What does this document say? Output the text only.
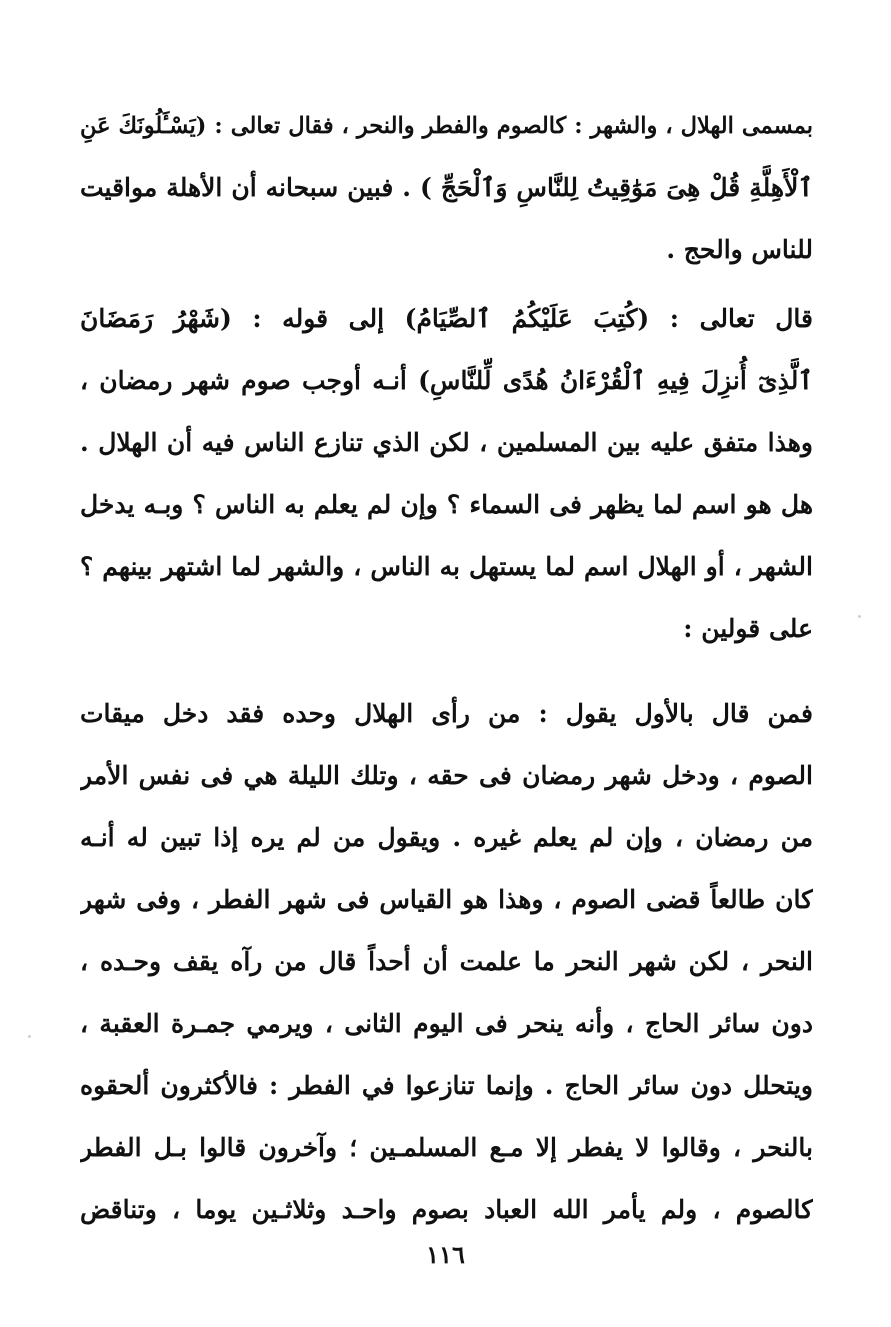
بمسمى الهلال ، والشهر : كالصوم والفطر والنحر ، فقال تعالى : (يَسْـَٔلُونَكَ عَنِ
ٱلْأَهِلَّةِ قُلْ هِىَ مَوَٰقِيتُ لِلنَّاسِ وَٱلْحَجِّ ) . فبين سبحانه أن الأهلة مواقيت
للناس والحج .
قال تعالى : (كُتِبَ عَلَيْكُمُ ٱلصِّيَامُ) إلى قوله : (شَهْرُ رَمَضَانَ
ٱلَّذِىٓ أُنزِلَ فِيهِ ٱلْقُرْءَانُ هُدًى لِّلنَّاسِ) أنـه أوجب صوم شهر رمضان ،
وهذا متفق عليه بين المسلمين ، لكن الذي تنازع الناس فيه أن الهلال .
هل هو اسم لما يظهر فى السماء ؟ وإن لم يعلم به الناس ؟ وبـه يدخل
الشهر ، أو الهلال اسم لما يستهل به الناس ، والشهر لما اشتهر بينهم ؟
على قولين :
فمن قال بالأول يقول : من رأى الهلال وحده فقد دخل ميقات
الصوم ، ودخل شهر رمضان فى حقه ، وتلك الليلة هي فى نفس الأمر
من رمضان ، وإن لم يعلم غيره . ويقول من لم يره إذا تبين له أنـه
كان طالعاً قضى الصوم ، وهذا هو القياس فى شهر الفطر ، وفى شهر
النحر ، لكن شهر النحر ما علمت أن أحداً قال من رآه يقف وحـده ،
دون سائر الحاج ، وأنه ينحر فى اليوم الثانى ، ويرمي جمـرة العقبة ،
ويتحلل دون سائر الحاج . وإنما تنازعوا في الفطر : فالأكثرون ألحقوه
بالنحر ، وقالوا لا يفطر إلا مـع المسلمـين ؛ وآخرون قالوا بـل الفطر
كالصوم ، ولم يأمر الله العباد بصوم واحـد وثلاثـين يوما ، وتناقض
١١٦
